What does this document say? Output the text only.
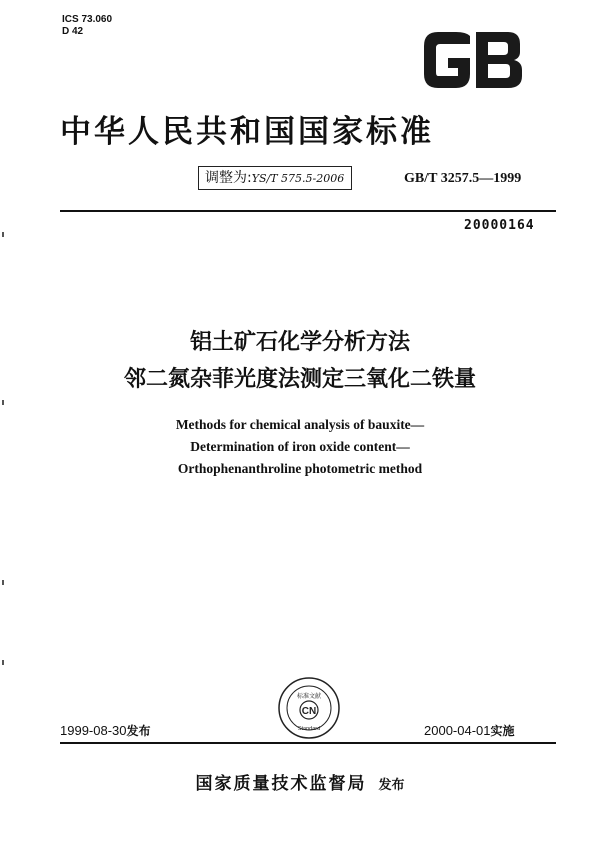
ICS 73.060
D 42	GB
中华人民共和国国家标准
调整为:YS/T 575.5-2006	GB/T 3257.5—1999
20000164
铝土矿石化学分析方法
邻二氮杂菲光度法测定三氧化二铁量
Methods for chemical analysis of bauxite—
Determination of iron oxide content—
Orthophenanthroline photometric method
CN
标准文献
Standard
1999-08-30发布	2000-04-01实施
国家质量技术监督局 发布
